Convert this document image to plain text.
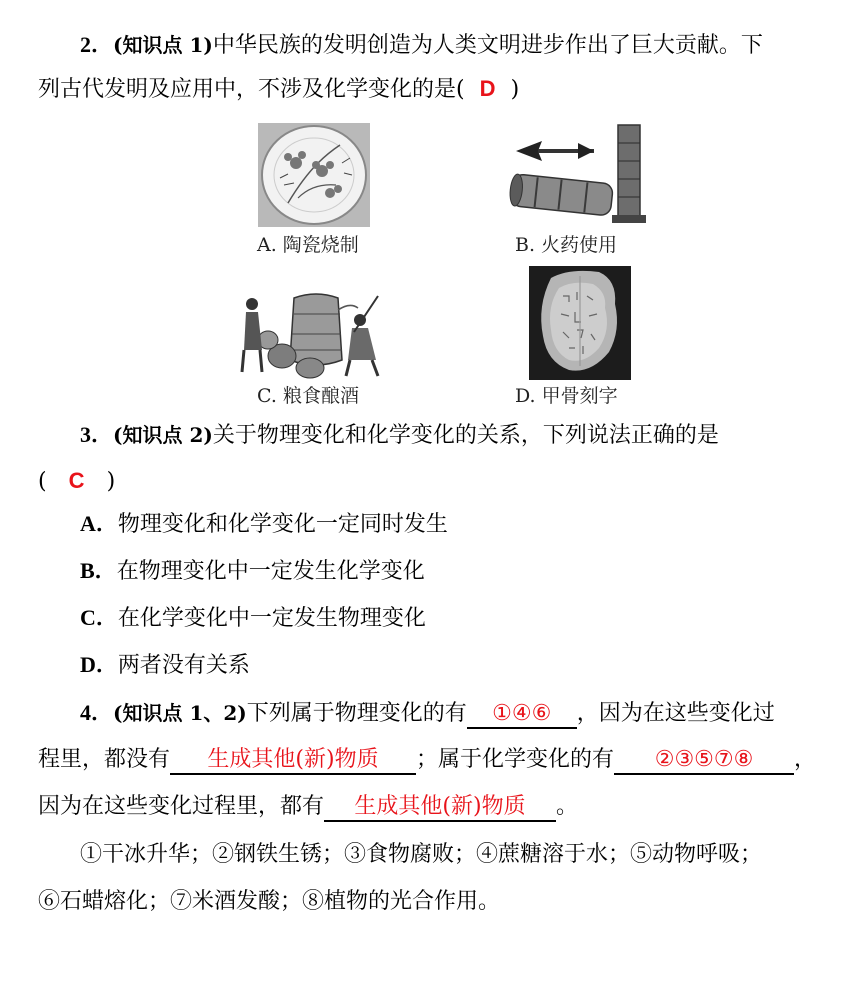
2．(知识点 1)中华民族的发明创造为人类文明进步作出了巨大贡献。下
列古代发明及应用中，不涉及化学变化的是( D )
A. 陶瓷烧制	B. 火药使用
C. 粮食酿酒	D. 甲骨刻字
3．(知识点 2)关于物理变化和化学变化的关系，下列说法正确的是
( C )
A．物理变化和化学变化一定同时发生
B．在物理变化中一定发生化学变化
C．在化学变化中一定发生物理变化
D．两者没有关系
4．(知识点 1、2)下列属于物理变化的有 ①④⑥ ，因为在这些变化过
程里，都没有 生成其他(新)物质 ；属于化学变化的有 ②③⑤⑦⑧ ，
因为在这些变化过程里，都有 生成其他(新)物质 。
①干冰升华；②钢铁生锈；③食物腐败；④蔗糖溶于水；⑤动物呼吸；
⑥石蜡熔化；⑦米酒发酸；⑧植物的光合作用。
